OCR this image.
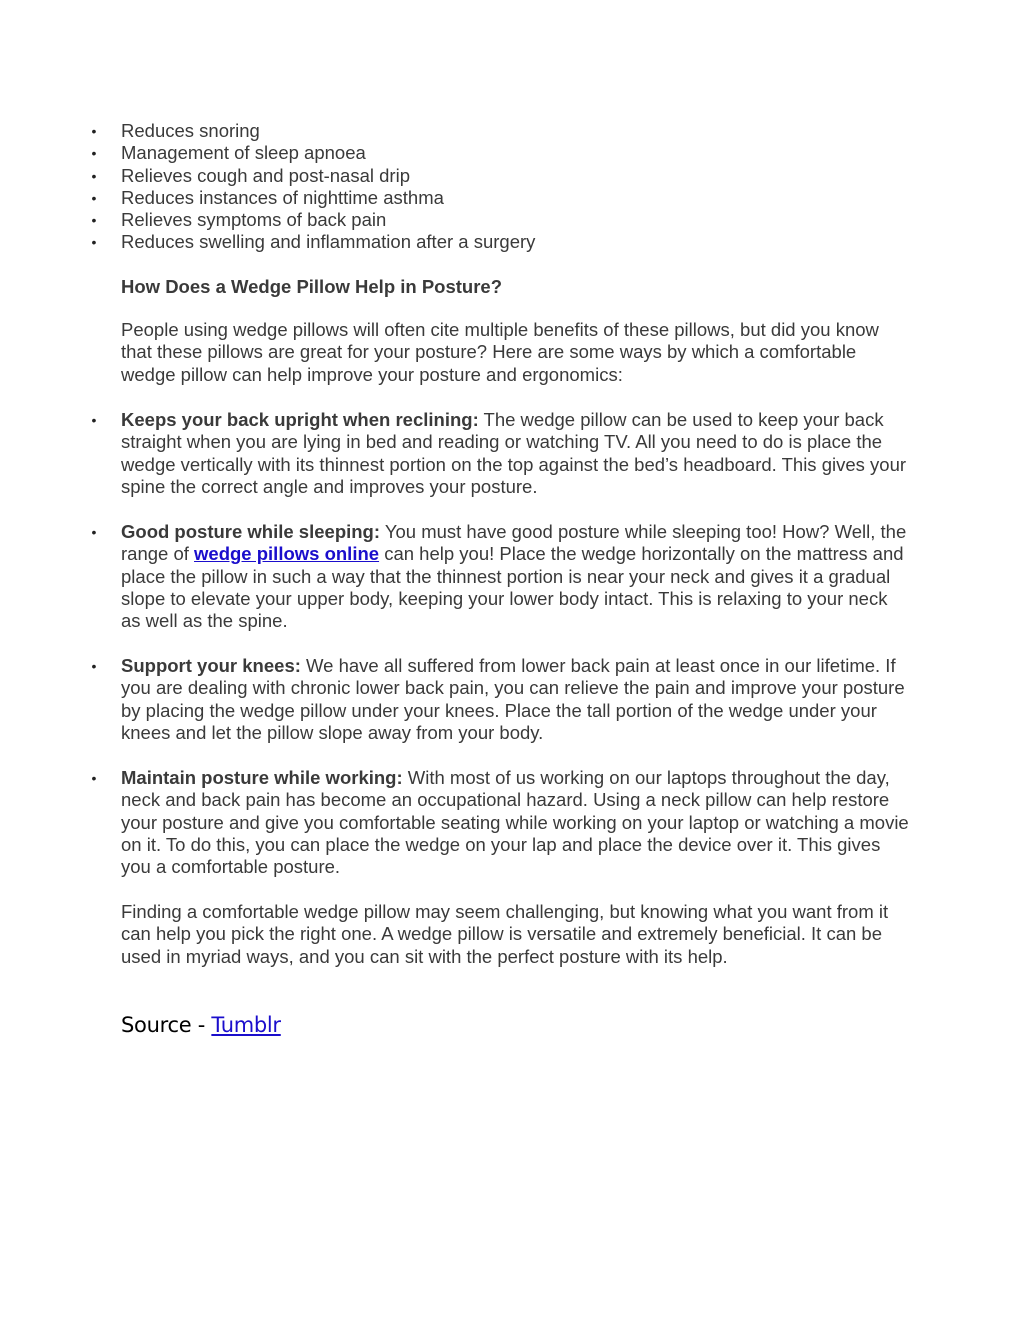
• Reduces snoring
• Management of sleep apnoea
• Relieves cough and post-nasal drip
• Reduces instances of nighttime asthma
• Relieves symptoms of back pain
• Reduces swelling and inflammation after a surgery
How Does a Wedge Pillow Help in Posture?
People using wedge pillows will often cite multiple benefits of these pillows, but did you know that these pillows are great for your posture? Here are some ways by which a comfortable wedge pillow can help improve your posture and ergonomics:
• Keeps your back upright when reclining: The wedge pillow can be used to keep your back straight when you are lying in bed and reading or watching TV. All you need to do is place the wedge vertically with its thinnest portion on the top against the bed’s headboard. This gives your spine the correct angle and improves your posture.
• Good posture while sleeping: You must have good posture while sleeping too! How? Well, the range of wedge pillows online can help you! Place the wedge horizontally on the mattress and place the pillow in such a way that the thinnest portion is near your neck and gives it a gradual slope to elevate your upper body, keeping your lower body intact. This is relaxing to your neck as well as the spine.
• Support your knees: We have all suffered from lower back pain at least once in our lifetime. If you are dealing with chronic lower back pain, you can relieve the pain and improve your posture by placing the wedge pillow under your knees. Place the tall portion of the wedge under your knees and let the pillow slope away from your body.
• Maintain posture while working: With most of us working on our laptops throughout the day, neck and back pain has become an occupational hazard. Using a neck pillow can help restore your posture and give you comfortable seating while working on your laptop or watching a movie on it. To do this, you can place the wedge on your lap and place the device over it. This gives you a comfortable posture.
Finding a comfortable wedge pillow may seem challenging, but knowing what you want from it can help you pick the right one. A wedge pillow is versatile and extremely beneficial. It can be used in myriad ways, and you can sit with the perfect posture with its help.
Source - Tumblr
